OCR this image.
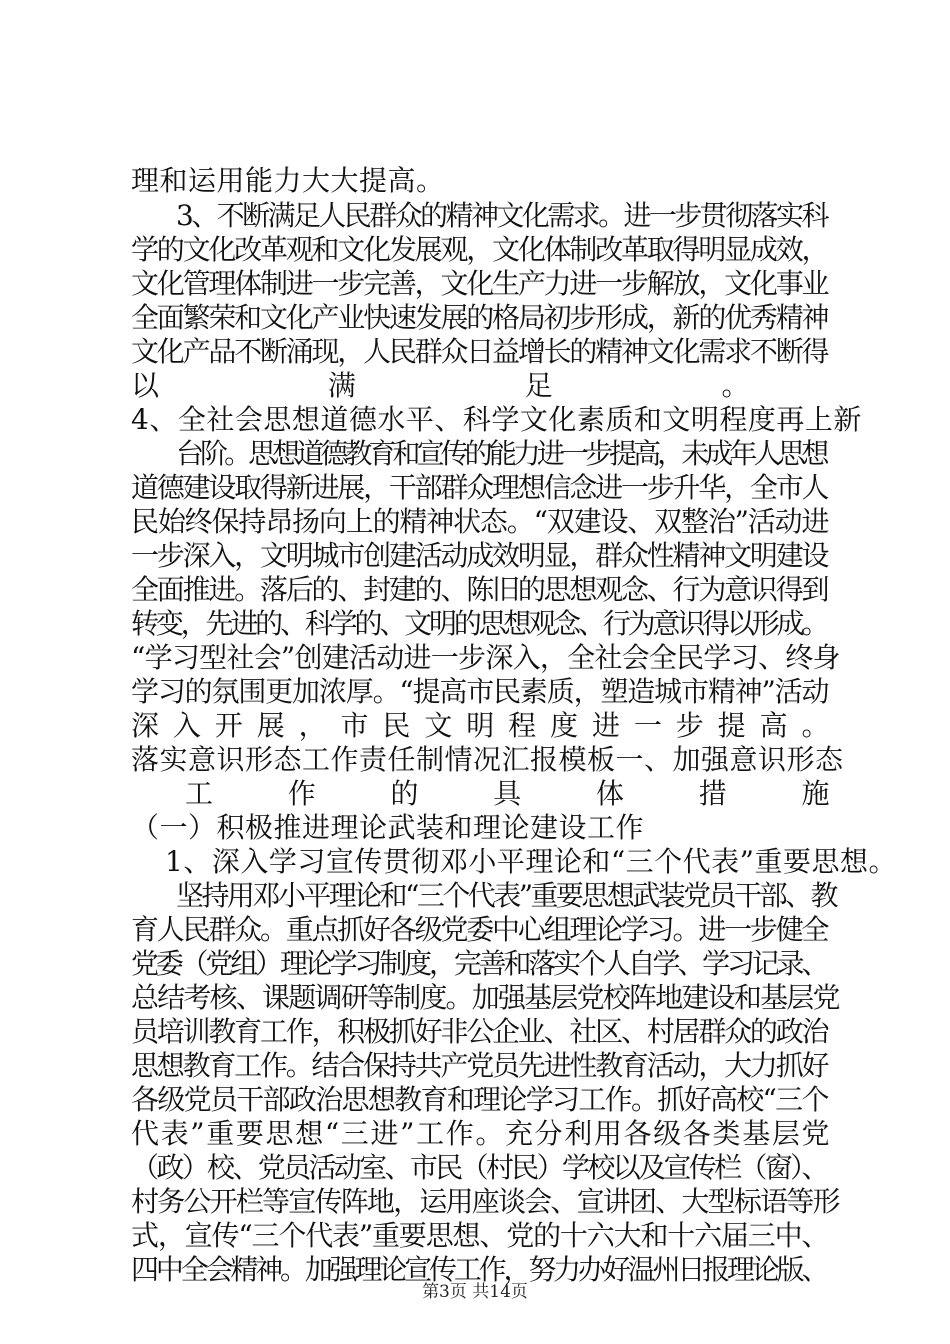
理和运用能力大大提高。
3、不断满足人民群众的精神文化需求。进一步贯彻落实科
学的文化改革观和文化发展观，文化体制改革取得明显成效，
文化管理体制进一步完善，文化生产力进一步解放，文化事业
全面繁荣和文化产业快速发展的格局初步形成，新的优秀精神
文化产品不断涌现，人民群众日益增长的精神文化需求不断得
以满足。
4、全社会思想道德水平、科学文化素质和文明程度再上新
台阶。思想道德教育和宣传的能力进一步提高，未成年人思想
道德建设取得新进展，干部群众理想信念进一步升华，全市人
民始终保持昂扬向上的精神状态。“双建设、双整治”活动进
一步深入，文明城市创建活动成效明显，群众性精神文明建设
全面推进。落后的、封建的、陈旧的思想观念、行为意识得到
转变，先进的、科学的、文明的思想观念、行为意识得以形成。
“学习型社会”创建活动进一步深入，全社会全民学习、终身
学习的氛围更加浓厚。“提高市民素质，塑造城市精神”活动
深入开展，市民文明程度进一步提高。
落实意识形态工作责任制情况汇报模板一、加强意识形态
工作的具体措施
（一）积极推进理论武装和理论建设工作
1、深入学习宣传贯彻邓小平理论和“三个代表”重要思想。
坚持用邓小平理论和“三个代表”重要思想武装党员干部、教
育人民群众。重点抓好各级党委中心组理论学习。进一步健全
党委（党组）理论学习制度，完善和落实个人自学、学习记录、
总结考核、课题调研等制度。加强基层党校阵地建设和基层党
员培训教育工作，积极抓好非公企业、社区、村居群众的政治
思想教育工作。结合保持共产党员先进性教育活动，大力抓好
各级党员干部政治思想教育和理论学习工作。抓好高校“三个
代表”重要思想“三进”工作。充分利用各级各类基层党
（政）校、党员活动室、市民（村民）学校以及宣传栏（窗）、
村务公开栏等宣传阵地，运用座谈会、宣讲团、大型标语等形
式，宣传“三个代表”重要思想、党的十六大和十六届三中、
四中全会精神。加强理论宣传工作，努力办好温州日报理论版、
第3页 共14页
